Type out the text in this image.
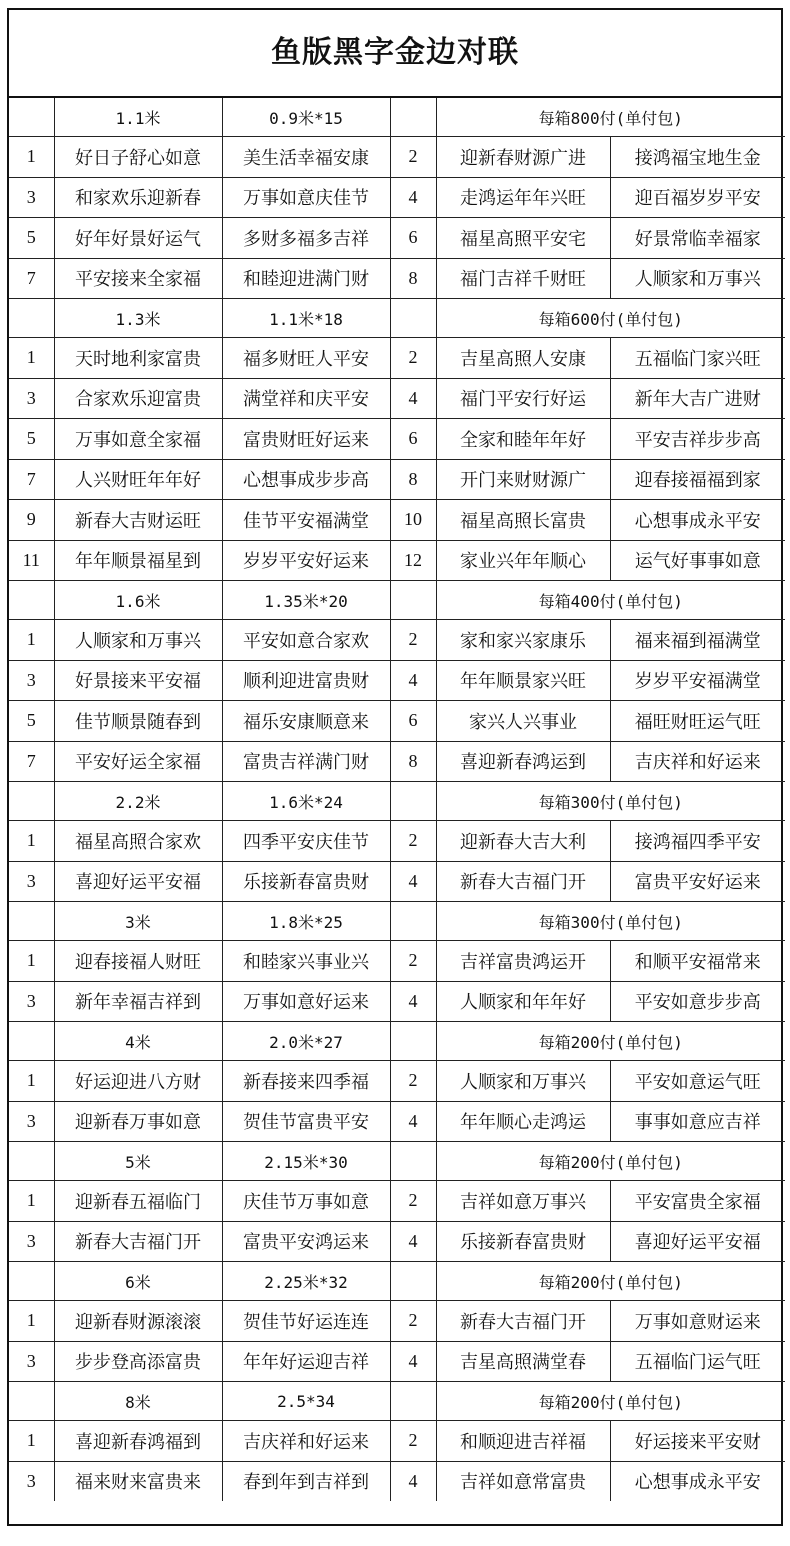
鱼版黑字金边对联
	1.1米	0.9米*15		每箱800付(单付包)	
1	好日子舒心如意	美生活幸福安康	2	迎新春财源广进	接鸿福宝地生金
3	和家欢乐迎新春	万事如意庆佳节	4	走鸿运年年兴旺	迎百福岁岁平安
5	好年好景好运气	多财多福多吉祥	6	福星高照平安宅	好景常临幸福家
7	平安接来全家福	和睦迎进满门财	8	福门吉祥千财旺	人顺家和万事兴
	1.3米	1.1米*18		每箱600付(单付包)	
1	天时地利家富贵	福多财旺人平安	2	吉星高照人安康	五福临门家兴旺
3	合家欢乐迎富贵	满堂祥和庆平安	4	福门平安行好运	新年大吉广进财
5	万事如意全家福	富贵财旺好运来	6	全家和睦年年好	平安吉祥步步高
7	人兴财旺年年好	心想事成步步高	8	开门来财财源广	迎春接福福到家
9	新春大吉财运旺	佳节平安福满堂	10	福星高照长富贵	心想事成永平安
11	年年顺景福星到	岁岁平安好运来	12	家业兴年年顺心	运气好事事如意
	1.6米	1.35米*20		每箱400付(单付包)	
1	人顺家和万事兴	平安如意合家欢	2	家和家兴家康乐	福来福到福满堂
3	好景接来平安福	顺利迎进富贵财	4	年年顺景家兴旺	岁岁平安福满堂
5	佳节顺景随春到	福乐安康顺意来	6	家兴人兴事业	福旺财旺运气旺
7	平安好运全家福	富贵吉祥满门财	8	喜迎新春鸿运到	吉庆祥和好运来
	2.2米	1.6米*24		每箱300付(单付包)	
1	福星高照合家欢	四季平安庆佳节	2	迎新春大吉大利	接鸿福四季平安
3	喜迎好运平安福	乐接新春富贵财	4	新春大吉福门开	富贵平安好运来
	3米	1.8米*25		每箱300付(单付包)	
1	迎春接福人财旺	和睦家兴事业兴	2	吉祥富贵鸿运开	和顺平安福常来
3	新年幸福吉祥到	万事如意好运来	4	人顺家和年年好	平安如意步步高
	4米	2.0米*27		每箱200付(单付包)	
1	好运迎进八方财	新春接来四季福	2	人顺家和万事兴	平安如意运气旺
3	迎新春万事如意	贺佳节富贵平安	4	年年顺心走鸿运	事事如意应吉祥
	5米	2.15米*30		每箱200付(单付包)	
1	迎新春五福临门	庆佳节万事如意	2	吉祥如意万事兴	平安富贵全家福
3	新春大吉福门开	富贵平安鸿运来	4	乐接新春富贵财	喜迎好运平安福
	6米	2.25米*32		每箱200付(单付包)	
1	迎新春财源滚滚	贺佳节好运连连	2	新春大吉福门开	万事如意财运来
3	步步登高添富贵	年年好运迎吉祥	4	吉星高照满堂春	五福临门运气旺
	8米	2.5*34		每箱200付(单付包)	
1	喜迎新春鸿福到	吉庆祥和好运来	2	和顺迎进吉祥福	好运接来平安财
3	福来财来富贵来	春到年到吉祥到	4	吉祥如意常富贵	心想事成永平安
